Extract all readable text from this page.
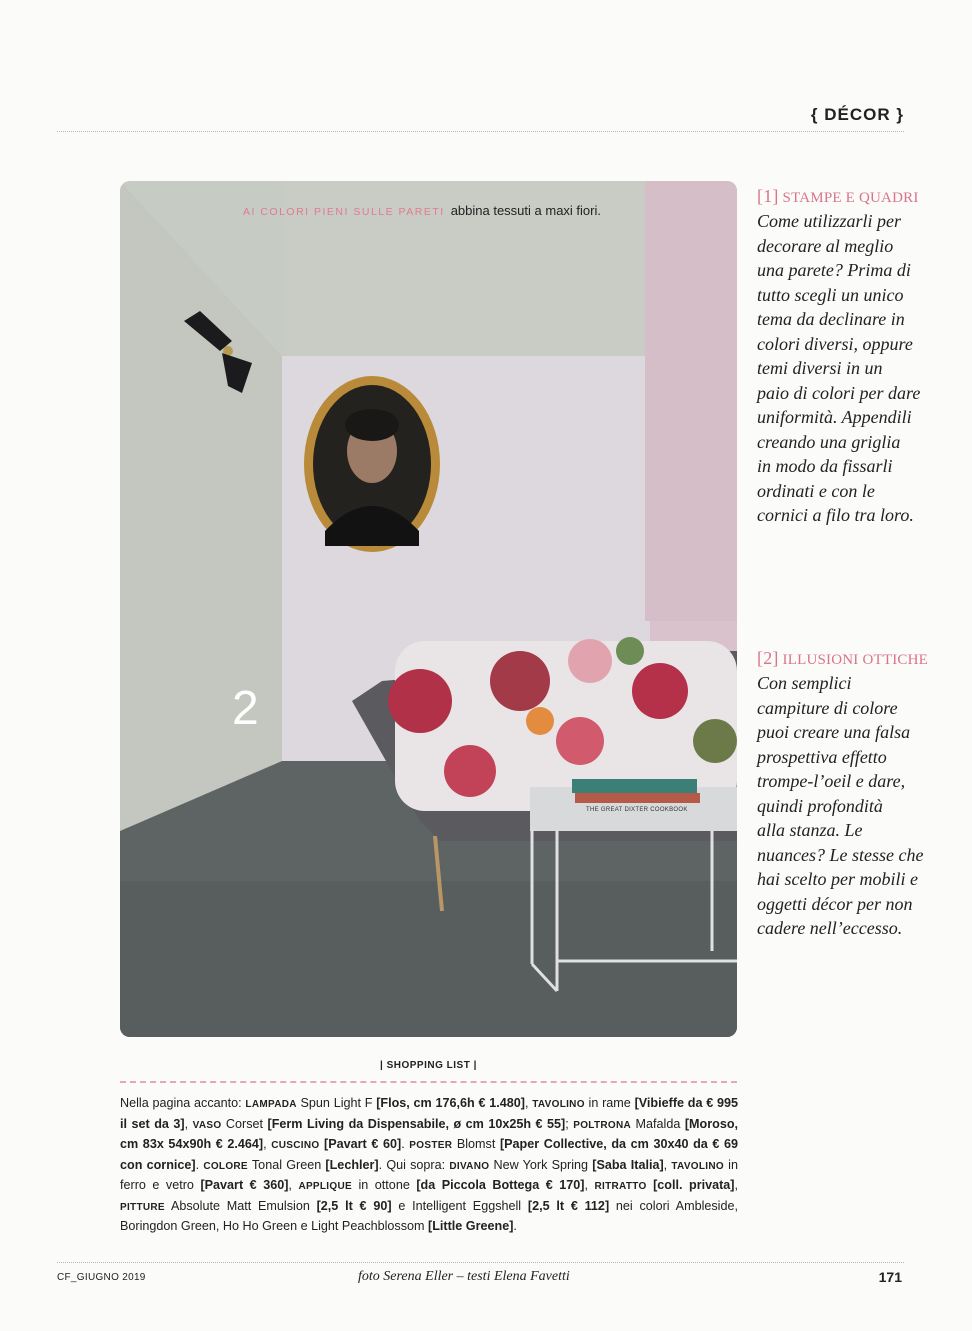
{ DÉCOR }
AI COLORI PIENI SULLE PARETI abbina tessuti a maxi fiori.
2
THE GREAT DIXTER COOKBOOK
[1] STAMPE E QUADRI

Come utilizzarli per
decorare al meglio
una parete? Prima di
tutto scegli un unico
tema da declinare in
colori diversi, oppure
temi diversi in un
paio di colori per dare
uniformità. Appendili
creando una griglia
in modo da fissarli
ordinati e con le
cornici a filo tra loro.

[2] ILLUSIONI OTTICHE

Con semplici
campiture di colore
puoi creare una falsa
prospettiva effetto
trompe-l’oeil e dare,
quindi profondità
alla stanza. Le
nuances? Le stesse che
hai scelto per mobili e
oggetti décor per non
cadere nell’eccesso.

| SHOPPING LIST |
Nella pagina accanto: LAMPADA Spun Light F [Flos, cm 176,6h € 1.480], TAVOLINO in rame [Vibieffe da € 995 il set da 3], VASO Corset [Ferm Living da Dispensabile, ø cm 10x25h € 55]; POLTRONA Mafalda [Moroso, cm 83x 54x90h € 2.464], CUSCINO [Pavart € 60]. POSTER Blomst [Paper Collective, da cm 30x40 da € 69 con cornice]. COLORE Tonal Green [Lechler]. Qui sopra: DIVANO New York Spring [Saba Italia], TAVOLINO in ferro e vetro [Pavart € 360], APPLIQUE in ottone [da Piccola Bottega € 170], RITRATTO [coll. privata], PITTURE Absolute Matt Emulsion [2,5 lt € 90] e Intelligent Eggshell [2,5 lt € 112] nei colori Ambleside, Boringdon Green, Ho Ho Green e Light Peachblossom [Little Greene].
CF_GIUGNO 2019	foto Serena Eller – testi Elena Favetti	171
